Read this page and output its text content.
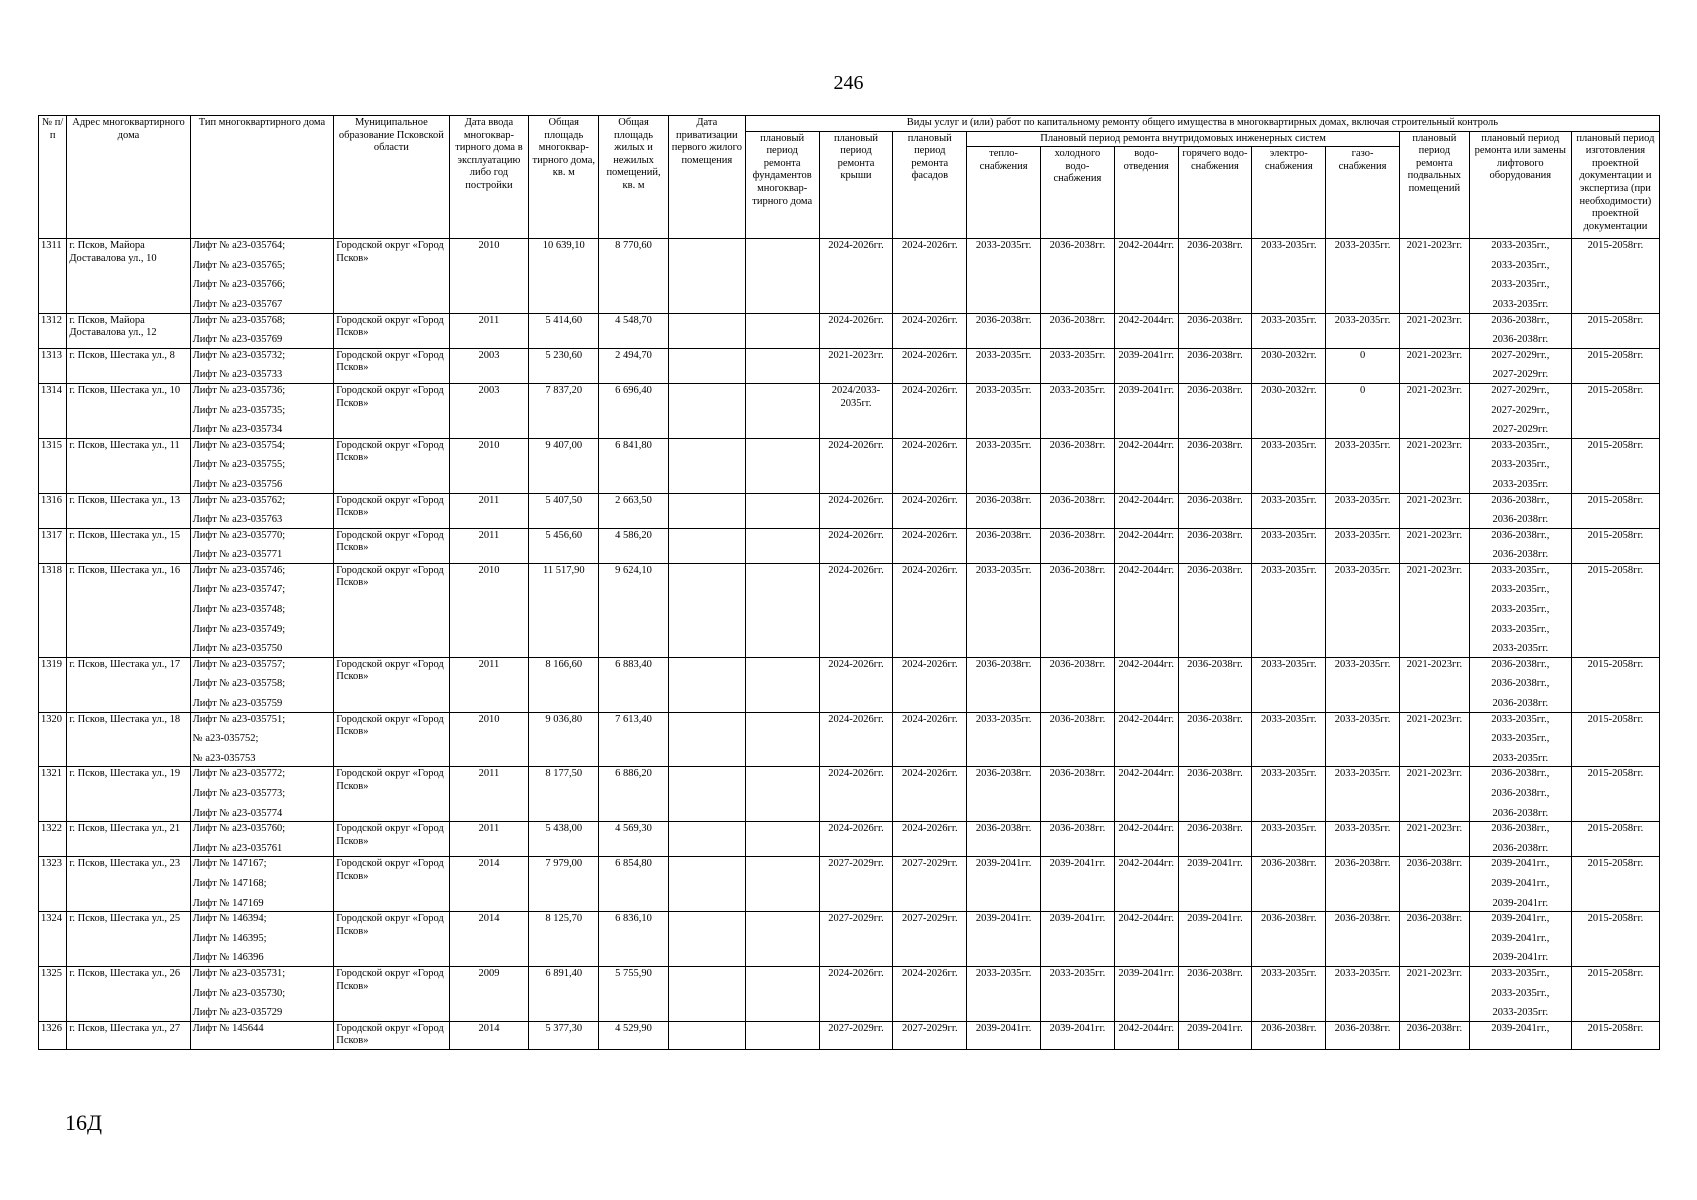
246
№ п/п	Адрес многоквартирного дома	Тип многоквартирного дома	Муниципальное образование Псковской области	Дата ввода многоквар-тирного дома в эксплуатацию либо год постройки	Общая площадь многоквар-тирного дома, кв. м	Общая площадь жилых и нежилых помещений, кв. м	Дата приватизации первого жилого помещения	Виды услуг и (или) работ по капитальному ремонту общего имущества в многоквартирных домах, включая строительный контроль											
								плановый период ремонта фундаментов многоквар-тирного дома	плановый период ремонта крыши	плановый период ремонта фасадов	Плановый период ремонта внутридомовых инженерных систем						плановый период ремонта подвальных помещений	плановый период ремонта или замены лифтового оборудования	плановый период изготовления проектной документации и экспертиза (при необходимости) проектной документации
											тепло-снабжения	холодного водо-снабжения	водо-отведения	горячего водо-снабжения	электро-снабжения	газо-снабжения			
1311	г. Псков, Майора Доставалова ул., 10	Лифт № а23-035764;
Лифт № а23-035765;
Лифт № а23-035766;
Лифт № а23-035767	Городской округ «Город Псков»	2010	10 639,10	8 770,60			2024-2026гг.	2024-2026гг.	2033-2035гг.	2036-2038гг.	2042-2044гг.	2036-2038гг.	2033-2035гг.	2033-2035гг.	2021-2023гг.	2033-2035гг.,
2033-2035гг.,
2033-2035гг.,
2033-2035гг.	2015-2058гг.
1312	г. Псков, Майора Доставалова ул., 12	Лифт № а23-035768;
Лифт № а23-035769	Городской округ «Город Псков»	2011	5 414,60	4 548,70			2024-2026гг.	2024-2026гг.	2036-2038гг.	2036-2038гг.	2042-2044гг.	2036-2038гг.	2033-2035гг.	2033-2035гг.	2021-2023гг.	2036-2038гг.,
2036-2038гг.	2015-2058гг.
1313	г. Псков, Шестака ул., 8	Лифт № а23-035732;
Лифт № а23-035733	Городской округ «Город Псков»	2003	5 230,60	2 494,70			2021-2023гг.	2024-2026гг.	2033-2035гг.	2033-2035гг.	2039-2041гг.	2036-2038гг.	2030-2032гг.	0	2021-2023гг.	2027-2029гг.,
2027-2029гг.	2015-2058гг.
1314	г. Псков, Шестака ул., 10	Лифт № а23-035736;
Лифт № а23-035735;
Лифт № а23-035734	Городской округ «Город Псков»	2003	7 837,20	6 696,40			2024/2033-2035гг.	2024-2026гг.	2033-2035гг.	2033-2035гг.	2039-2041гг.	2036-2038гг.	2030-2032гг.	0	2021-2023гг.	2027-2029гг.,
2027-2029гг.,
2027-2029гг.	2015-2058гг.
1315	г. Псков, Шестака ул., 11	Лифт № а23-035754;
Лифт № а23-035755;
Лифт № а23-035756	Городской округ «Город Псков»	2010	9 407,00	6 841,80			2024-2026гг.	2024-2026гг.	2033-2035гг.	2036-2038гг.	2042-2044гг.	2036-2038гг.	2033-2035гг.	2033-2035гг.	2021-2023гг.	2033-2035гг.,
2033-2035гг.,
2033-2035гг.	2015-2058гг.
1316	г. Псков, Шестака ул., 13	Лифт № а23-035762;
Лифт № а23-035763	Городской округ «Город Псков»	2011	5 407,50	2 663,50			2024-2026гг.	2024-2026гг.	2036-2038гг.	2036-2038гг.	2042-2044гг.	2036-2038гг.	2033-2035гг.	2033-2035гг.	2021-2023гг.	2036-2038гг.,
2036-2038гг.	2015-2058гг.
1317	г. Псков, Шестака ул., 15	Лифт № а23-035770;
Лифт № а23-035771	Городской округ «Город Псков»	2011	5 456,60	4 586,20			2024-2026гг.	2024-2026гг.	2036-2038гг.	2036-2038гг.	2042-2044гг.	2036-2038гг.	2033-2035гг.	2033-2035гг.	2021-2023гг.	2036-2038гг.,
2036-2038гг.	2015-2058гг.
1318	г. Псков, Шестака ул., 16	Лифт № а23-035746;
Лифт № а23-035747;
Лифт № а23-035748;
Лифт № а23-035749;
Лифт № а23-035750	Городской округ «Город Псков»	2010	11 517,90	9 624,10			2024-2026гг.	2024-2026гг.	2033-2035гг.	2036-2038гг.	2042-2044гг.	2036-2038гг.	2033-2035гг.	2033-2035гг.	2021-2023гг.	2033-2035гг.,
2033-2035гг.,
2033-2035гг.,
2033-2035гг.,
2033-2035гг.	2015-2058гг.
1319	г. Псков, Шестака ул., 17	Лифт № а23-035757;
Лифт № а23-035758;
Лифт № а23-035759	Городской округ «Город Псков»	2011	8 166,60	6 883,40			2024-2026гг.	2024-2026гг.	2036-2038гг.	2036-2038гг.	2042-2044гг.	2036-2038гг.	2033-2035гг.	2033-2035гг.	2021-2023гг.	2036-2038гг.,
2036-2038гг.,
2036-2038гг.	2015-2058гг.
1320	г. Псков, Шестака ул., 18	Лифт № а23-035751;
№ а23-035752;
№ а23-035753	Городской округ «Город Псков»	2010	9 036,80	7 613,40			2024-2026гг.	2024-2026гг.	2033-2035гг.	2036-2038гг.	2042-2044гг.	2036-2038гг.	2033-2035гг.	2033-2035гг.	2021-2023гг.	2033-2035гг.,
2033-2035гг.,
2033-2035гг.	2015-2058гг.
1321	г. Псков, Шестака ул., 19	Лифт № а23-035772;
Лифт № а23-035773;
Лифт № а23-035774	Городской округ «Город Псков»	2011	8 177,50	6 886,20			2024-2026гг.	2024-2026гг.	2036-2038гг.	2036-2038гг.	2042-2044гг.	2036-2038гг.	2033-2035гг.	2033-2035гг.	2021-2023гг.	2036-2038гг.,
2036-2038гг.,
2036-2038гг.	2015-2058гг.
1322	г. Псков, Шестака ул., 21	Лифт № а23-035760;
Лифт № а23-035761	Городской округ «Город Псков»	2011	5 438,00	4 569,30			2024-2026гг.	2024-2026гг.	2036-2038гг.	2036-2038гг.	2042-2044гг.	2036-2038гг.	2033-2035гг.	2033-2035гг.	2021-2023гг.	2036-2038гг.,
2036-2038гг.	2015-2058гг.
1323	г. Псков, Шестака ул., 23	Лифт № 147167;
Лифт № 147168;
Лифт № 147169	Городской округ «Город Псков»	2014	7 979,00	6 854,80			2027-2029гг.	2027-2029гг.	2039-2041гг.	2039-2041гг.	2042-2044гг.	2039-2041гг.	2036-2038гг.	2036-2038гг.	2036-2038гг.	2039-2041гг.,
2039-2041гг.,
2039-2041гг.	2015-2058гг.
1324	г. Псков, Шестака ул., 25	Лифт № 146394;
Лифт № 146395;
Лифт № 146396	Городской округ «Город Псков»	2014	8 125,70	6 836,10			2027-2029гг.	2027-2029гг.	2039-2041гг.	2039-2041гг.	2042-2044гг.	2039-2041гг.	2036-2038гг.	2036-2038гг.	2036-2038гг.	2039-2041гг.,
2039-2041гг.,
2039-2041гг.	2015-2058гг.
1325	г. Псков, Шестака ул., 26	Лифт № а23-035731;
Лифт № а23-035730;
Лифт № а23-035729	Городской округ «Город Псков»	2009	6 891,40	5 755,90			2024-2026гг.	2024-2026гг.	2033-2035гг.	2033-2035гг.	2039-2041гг.	2036-2038гг.	2033-2035гг.	2033-2035гг.	2021-2023гг.	2033-2035гг.,
2033-2035гг.,
2033-2035гг.	2015-2058гг.
1326	г. Псков, Шестака ул., 27	Лифт № 145644	Городской округ «Город Псков»	2014	5 377,30	4 529,90			2027-2029гг.	2027-2029гг.	2039-2041гг.	2039-2041гг.	2042-2044гг.	2039-2041гг.	2036-2038гг.	2036-2038гг.	2036-2038гг.	2039-2041гг.,	2015-2058гг.
16Д
